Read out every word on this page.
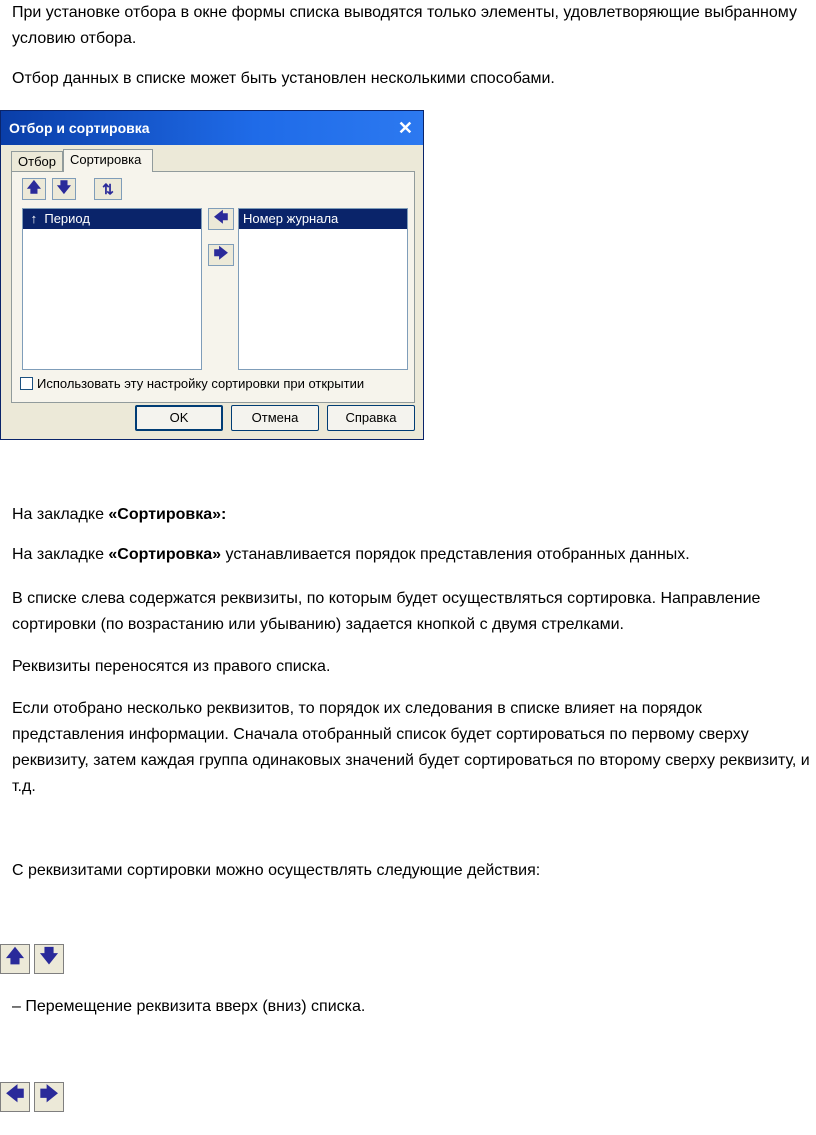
При установке отбора в окне формы списка выводятся только элементы, удовлетворяющие выбранному условию отбора.

Отбор данных в списке может быть установлен несколькими способами.

Отбор и сортировка	✕
Отбор	Сортировка
🡅 🡇 ⇅
↑  Период	🡄
🡆
Номер журнала
Использовать эту настройку сортировки при открытии
OK	Отмена	Справка

На закладке «Сортировка»:

На закладке «Сортировка» устанавливается порядок представления отобранных данных.

В списке слева содержатся реквизиты, по которым будет осуществляться сортировка. Направление сортировки (по возрастанию или убыванию) задается кнопкой с двумя стрелками.

Реквизиты переносятся из правого списка.

Если отобрано несколько реквизитов, то порядок их следования в списке влияет на порядок представления информации. Сначала отобранный список будет сортироваться по первому сверху реквизиту, затем каждая группа одинаковых значений будет сортироваться по второму сверху реквизиту, и т.д.

С реквизитами сортировки можно осуществлять следующие действия:

🡅 🡇

– Перемещение реквизита вверх (вниз) списка.

🡄 🡆
